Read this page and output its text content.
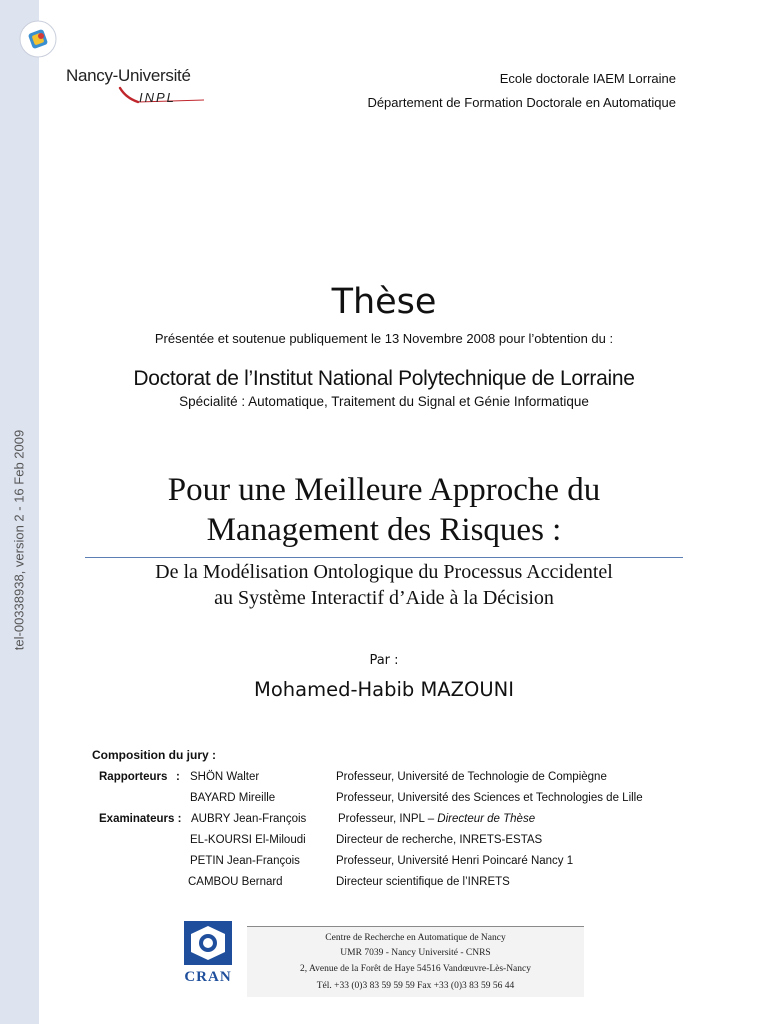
tel-00338938, version 2 - 16 Feb 2009
Nancy-Université
INPL
Ecole doctorale IAEM Lorraine
Département de Formation Doctorale en Automatique
Thèse
Présentée et soutenue publiquement le 13 Novembre 2008 pour l’obtention du :
Doctorat de l’Institut National Polytechnique de Lorraine
Spécialité : Automatique, Traitement du Signal et Génie Informatique
Pour une Meilleure Approche du
Management des Risques :
De la Modélisation Ontologique du Processus Accidentel
au Système Interactif d’Aide à la Décision
Par :
Mohamed-Habib MAZOUNI
Composition du jury :
Rapporteurs : SHÖN Walter	Professeur, Université de Technologie de Compiègne
BAYARD Mireille	Professeur, Université des Sciences et Technologies de Lille
Examinateurs : AUBRY Jean-François	Professeur, INPL – Directeur de Thèse
EL-KOURSI El-Miloudi	Directeur de recherche, INRETS-ESTAS
PETIN Jean-François	Professeur, Université Henri Poincaré Nancy 1
CAMBOU Bernard	Directeur scientifique de l’INRETS
CRAN
Centre de Recherche en Automatique de Nancy
UMR 7039 - Nancy Université - CNRS
2, Avenue de la Forêt de Haye 54516 Vandœuvre-Lès-Nancy
Tél. +33 (0)3 83 59 59 59 Fax +33 (0)3 83 59 56 44
